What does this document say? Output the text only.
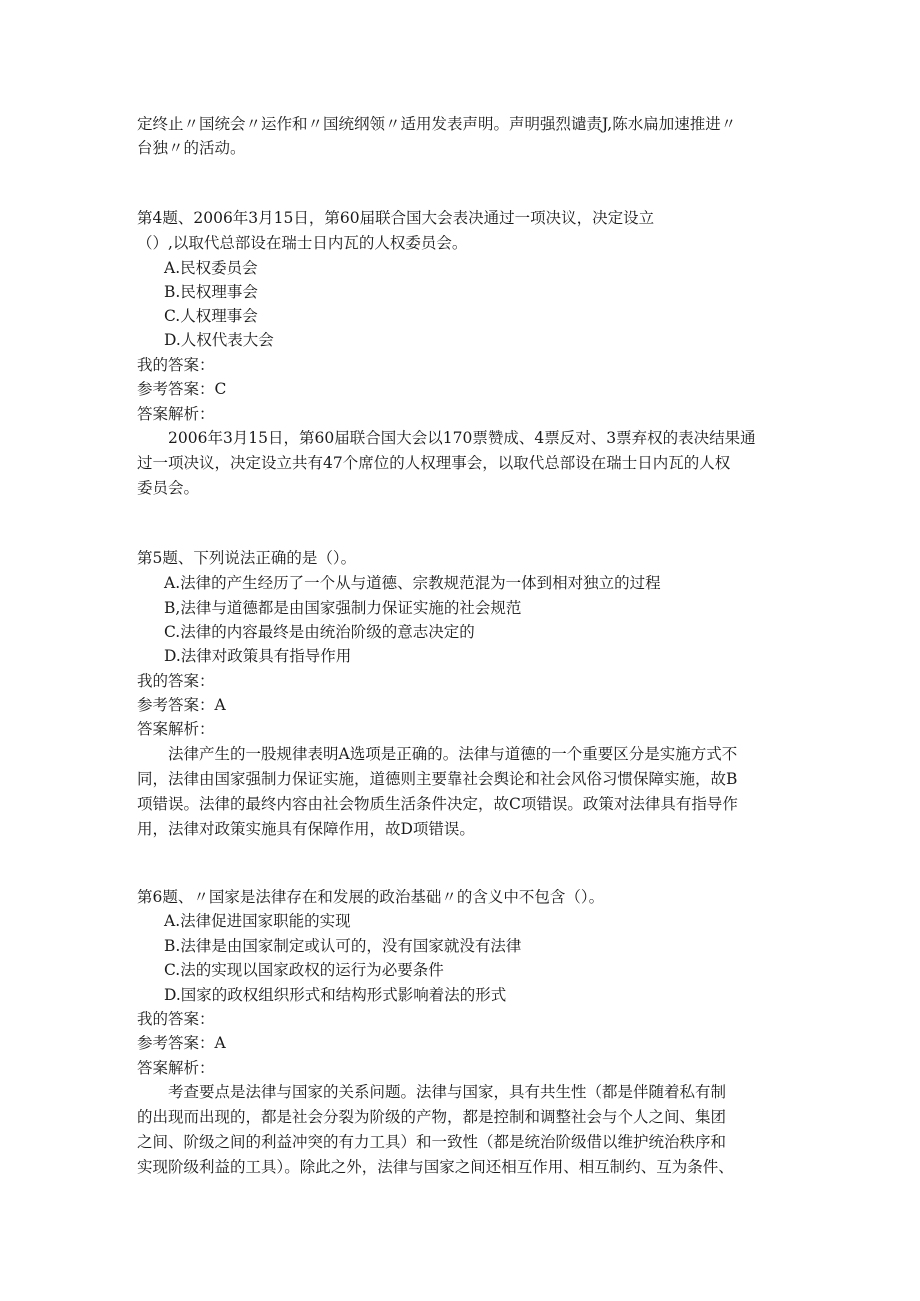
定终止〃国统会〃运作和〃国统纲领〃适用发表声明。声明强烈谴责J,陈水扁加速推进〃
台独〃的活动。
第4题、2006年3月15日，第60届联合国大会表决通过一项决议，决定设立
（）,以取代总部设在瑞士日内瓦的人权委员会。
A.民权委员会
B.民权理事会
C.人权理事会
D.人权代表大会
我的答案：
参考答案：C
答案解析：
2006年3月15日，第60届联合国大会以170票赞成、4票反对、3票弃权的表决结果通
过一项决议，决定设立共有47个席位的人权理事会，以取代总部设在瑞士日内瓦的人权
委员会。
第5题、下列说法正确的是（）。
A.法律的产生经历了一个从与道德、宗教规范混为一体到相对独立的过程
B,法律与道德都是由国家强制力保证实施的社会规范
C.法律的内容最终是由统治阶级的意志决定的
D.法律对政策具有指导作用
我的答案：
参考答案：A
答案解析：
法律产生的一股规律表明A选项是正确的。法律与道德的一个重要区分是实施方式不
同，法律由国家强制力保证实施，道德则主要靠社会舆论和社会风俗习惯保障实施，故B
项错误。法律的最终内容由社会物质生活条件决定，故C项错误。政策对法律具有指导作
用，法律对政策实施具有保障作用，故D项错误。
第6题、〃国家是法律存在和发展的政治基础〃的含义中不包含（）。
A.法律促进国家职能的实现
B.法律是由国家制定或认可的，没有国家就没有法律
C.法的实现以国家政权的运行为必要条件
D.国家的政权组织形式和结构形式影响着法的形式
我的答案：
参考答案：A
答案解析：
考查要点是法律与国家的关系问题。法律与国家，具有共生性（都是伴随着私有制
的出现而出现的，都是社会分裂为阶级的产物，都是控制和调整社会与个人之间、集团
之间、阶级之间的利益冲突的有力工具）和一致性（都是统治阶级借以维护统治秩序和
实现阶级利益的工具）。除此之外，法律与国家之间还相互作用、相互制约、互为条件、
